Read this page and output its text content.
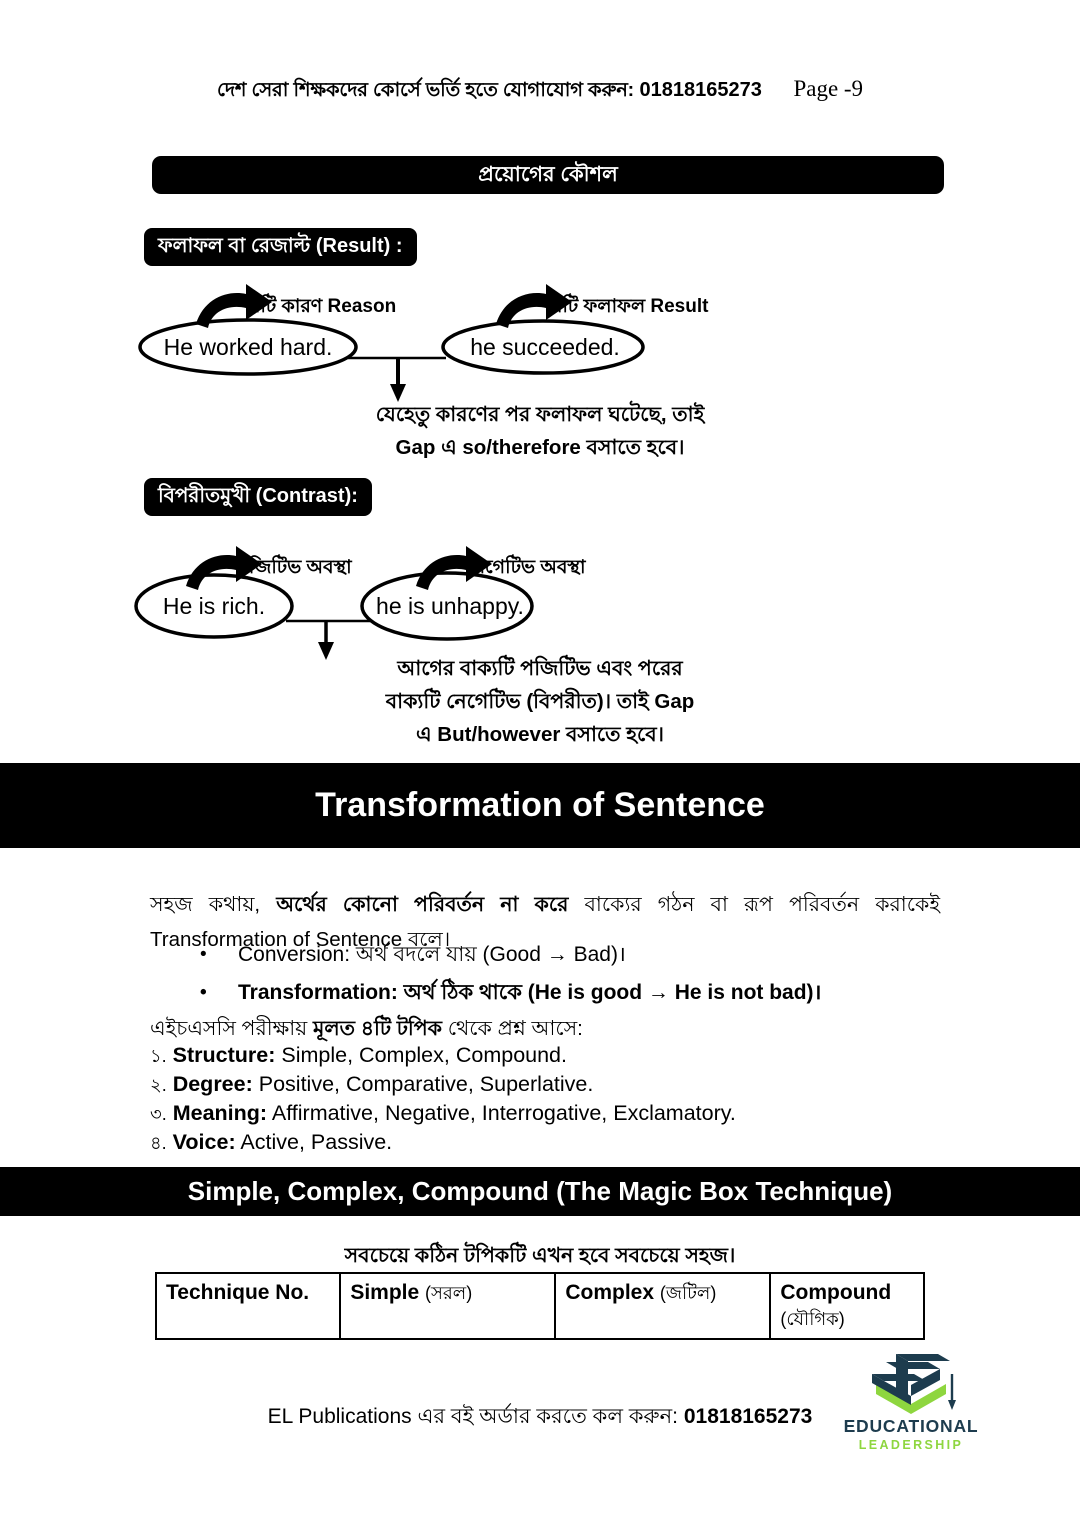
দেশ সেরা শিক্ষকদের কোর্সে ভর্তি হতে যোগাযোগ করুন: 01818165273 Page -9
প্রয়োগের কৌশল
ফলাফল বা রেজাল্ট (Result) :
এটি কারণ Reason	এটি ফলাফল Result
He worked hard.	he succeeded.
যেহেতু কারণের পর ফলাফল ঘটেছে, তাই
Gap এ so/therefore বসাতে হবে।
বিপরীতমুখী (Contrast):
পজিটিভ অবস্থা	নেগেটিভ অবস্থা
He is rich.	he is unhappy.
আগের বাক্যটি পজিটিভ এবং পরের
বাক্যটি নেগেটিভ (বিপরীত)। তাই Gap
এ But/however বসাতে হবে।
Transformation of Sentence

সহজ কথায়, অর্থের কোনো পরিবর্তন না করে বাক্যের গঠন বা রূপ পরিবর্তন করাকেই Transformation of Sentence বলে।

• Conversion: অর্থ বদলে যায় (Good → Bad)।
• Transformation: অর্থ ঠিক থাকে (He is good → He is not bad)।
এইচএসসি পরীক্ষায় মূলত ৪টি টপিক থেকে প্রশ্ন আসে:
১. Structure: Simple, Complex, Compound.
২. Degree: Positive, Comparative, Superlative.
৩. Meaning: Affirmative, Negative, Interrogative, Exclamatory.
৪. Voice: Active, Passive.
Simple, Complex, Compound (The Magic Box Technique)
সবচেয়ে কঠিন টপিকটি এখন হবে সবচেয়ে সহজ।
Technique No.	Simple (সরল)	Complex (জটিল)	Compound (যৌগিক)
EL Publications এর বই অর্ডার করতে কল করুন: 01818165273	EDUCATIONAL
LEADERSHIP
